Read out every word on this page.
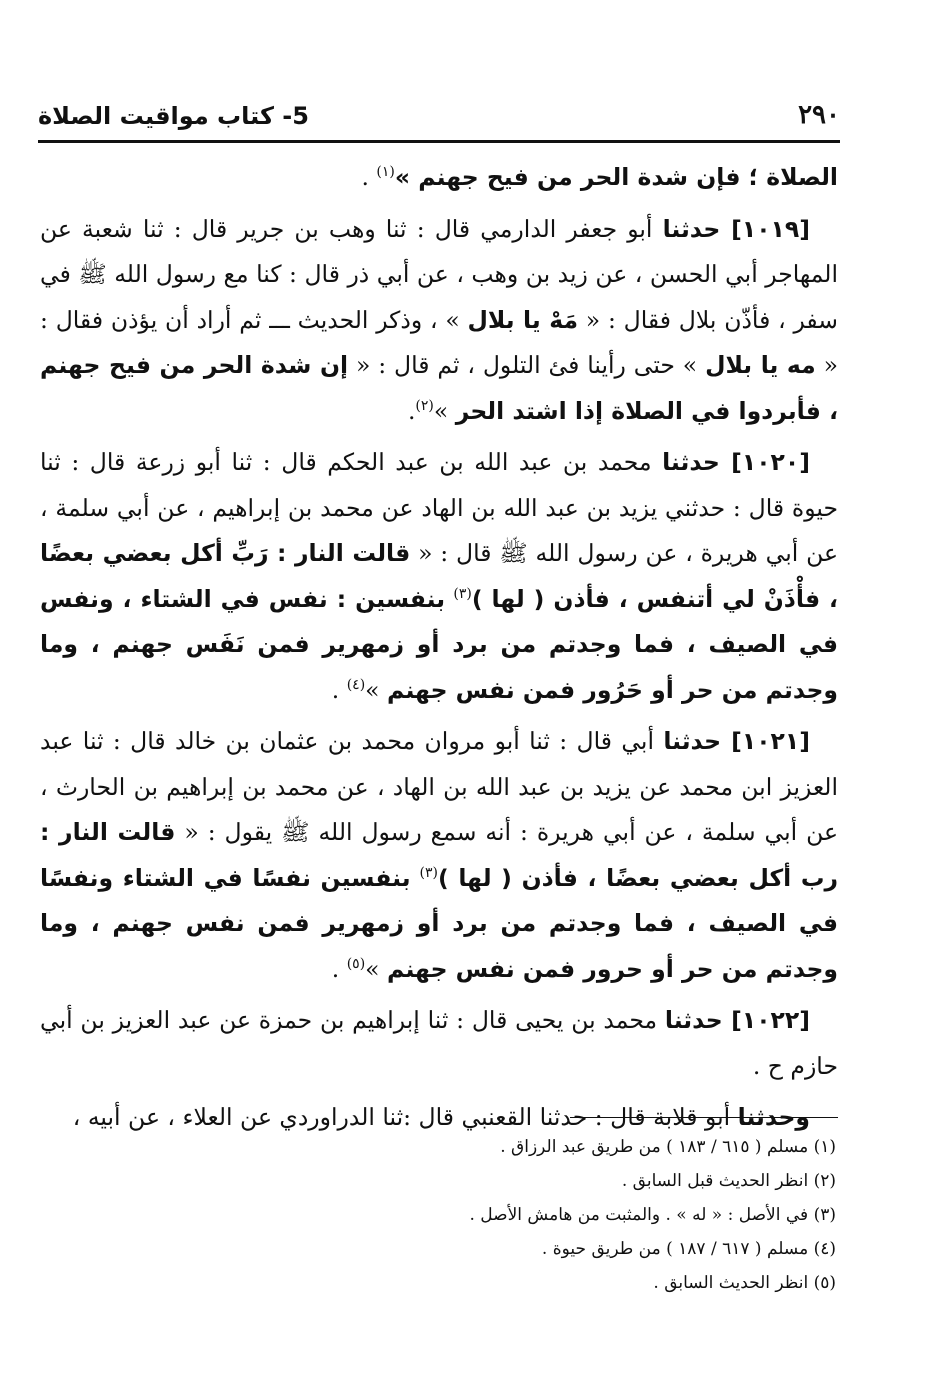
5- كتاب مواقيت الصلاة	٢٩٠

الصلاة ؛ فإن شدة الحر من فيح جهنم »$^{(١)}$ .

[١٠١٩] حدثنا أبو جعفر الدارمي قال : ثنا وهب بن جرير قال : ثنا شعبة عن المهاجر أبي الحسن ، عن زيد بن وهب ، عن أبي ذر قال : كنا مع رسول الله ﷺ في سفر ، فأذّن بلال فقال : « مَهْ يا بلال » ، وذكر الحديث ـــ ثم أراد أن يؤذن فقال : « مه يا بلال » حتى رأينا فئ التلول ، ثم قال : « إن شدة الحر من فيح جهنم ، فأبردوا في الصلاة إذا اشتد الحر »$^{(٢)}$.

[١٠٢٠] حدثنا محمد بن عبد الله بن عبد الحكم قال : ثنا أبو زرعة قال : ثنا حيوة قال : حدثني يزيد بن عبد الله بن الهاد عن محمد بن إبراهيم ، عن أبي سلمة ، عن أبي هريرة ، عن رسول الله ﷺ قال : « قالت النار : رَبِّ أكل بعضي بعضًا ، فأْذَنْ لي أتنفس ، فأذن ( لها )$^{(٣)}$ بنفسين : نفس في الشتاء ، ونفس في الصيف ، فما وجدتم من برد أو زمهرير فمن نَفَس جهنم ، وما وجدتم من حر أو حَرُور فمن نفس جهنم »$^{(٤)}$ .

[١٠٢١] حدثنا أبي قال : ثنا أبو مروان محمد بن عثمان بن خالد قال : ثنا عبد العزيز ابن محمد عن يزيد بن عبد الله بن الهاد ، عن محمد بن إبراهيم بن الحارث ، عن أبي سلمة ، عن أبي هريرة : أنه سمع رسول الله ﷺ يقول : « قالت النار : رب أكل بعضي بعضًا ، فأذن ( لها )$^{(٣)}$ بنفسين نفسًا في الشتاء ونفسًا في الصيف ، فما وجدتم من برد أو زمهرير فمن نفس جهنم ، وما وجدتم من حر أو حرور فمن نفس جهنم »$^{(٥)}$ .

[١٠٢٢] حدثنا محمد بن يحيى قال : ثنا إبراهيم بن حمزة عن عبد العزيز بن أبي حازم ح .

وحدثنا أبو قلابة قال : حدثنا القعنبي قال :ثنا الدراوردي عن العلاء ، عن أبيه ،

(١) مسلم ( ٦١٥ / ١٨٣ ) من طريق عبد الرزاق .
(٢) انظر الحديث قبل السابق .
(٣) في الأصل : « له » . والمثبت من هامش الأصل .
(٤) مسلم ( ٦١٧ / ١٨٧ ) من طريق حيوة .
(٥) انظر الحديث السابق .
